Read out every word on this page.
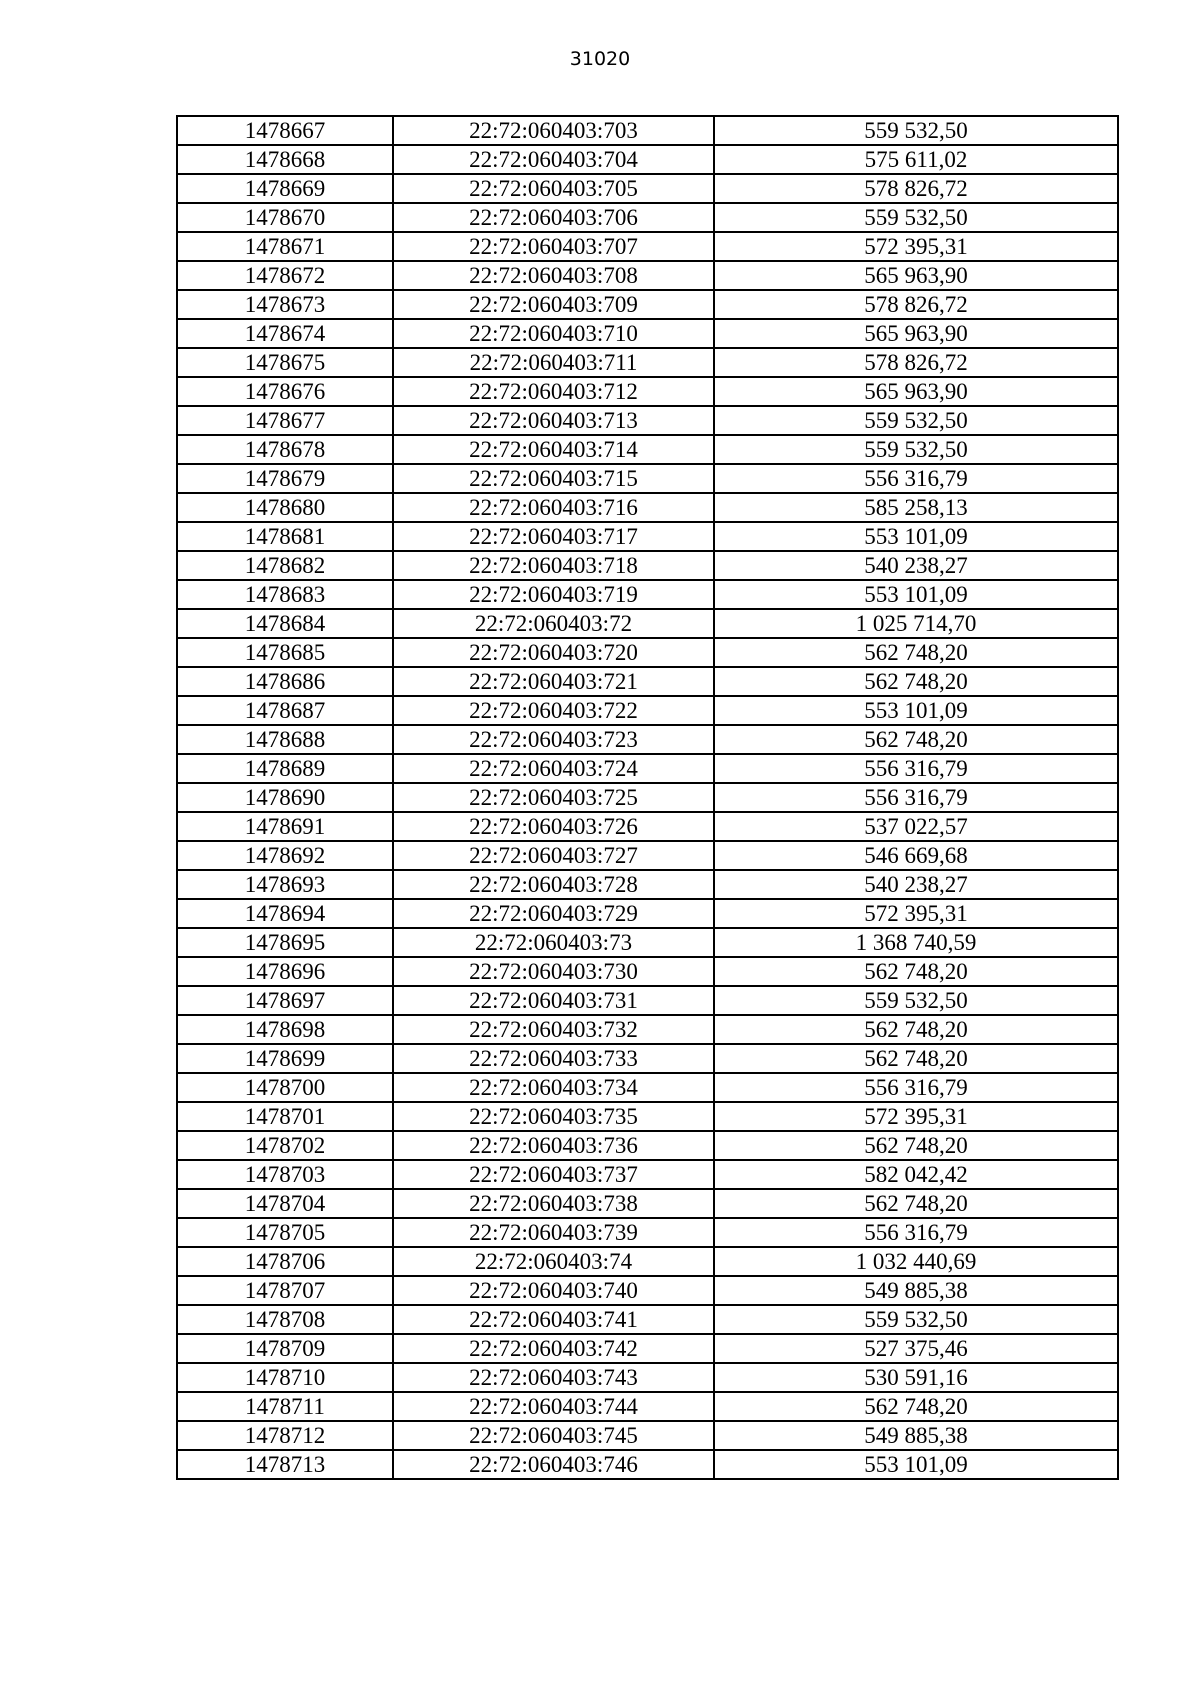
31020
1478667	22:72:060403:703	559 532,50
1478668	22:72:060403:704	575 611,02
1478669	22:72:060403:705	578 826,72
1478670	22:72:060403:706	559 532,50
1478671	22:72:060403:707	572 395,31
1478672	22:72:060403:708	565 963,90
1478673	22:72:060403:709	578 826,72
1478674	22:72:060403:710	565 963,90
1478675	22:72:060403:711	578 826,72
1478676	22:72:060403:712	565 963,90
1478677	22:72:060403:713	559 532,50
1478678	22:72:060403:714	559 532,50
1478679	22:72:060403:715	556 316,79
1478680	22:72:060403:716	585 258,13
1478681	22:72:060403:717	553 101,09
1478682	22:72:060403:718	540 238,27
1478683	22:72:060403:719	553 101,09
1478684	22:72:060403:72	1 025 714,70
1478685	22:72:060403:720	562 748,20
1478686	22:72:060403:721	562 748,20
1478687	22:72:060403:722	553 101,09
1478688	22:72:060403:723	562 748,20
1478689	22:72:060403:724	556 316,79
1478690	22:72:060403:725	556 316,79
1478691	22:72:060403:726	537 022,57
1478692	22:72:060403:727	546 669,68
1478693	22:72:060403:728	540 238,27
1478694	22:72:060403:729	572 395,31
1478695	22:72:060403:73	1 368 740,59
1478696	22:72:060403:730	562 748,20
1478697	22:72:060403:731	559 532,50
1478698	22:72:060403:732	562 748,20
1478699	22:72:060403:733	562 748,20
1478700	22:72:060403:734	556 316,79
1478701	22:72:060403:735	572 395,31
1478702	22:72:060403:736	562 748,20
1478703	22:72:060403:737	582 042,42
1478704	22:72:060403:738	562 748,20
1478705	22:72:060403:739	556 316,79
1478706	22:72:060403:74	1 032 440,69
1478707	22:72:060403:740	549 885,38
1478708	22:72:060403:741	559 532,50
1478709	22:72:060403:742	527 375,46
1478710	22:72:060403:743	530 591,16
1478711	22:72:060403:744	562 748,20
1478712	22:72:060403:745	549 885,38
1478713	22:72:060403:746	553 101,09
